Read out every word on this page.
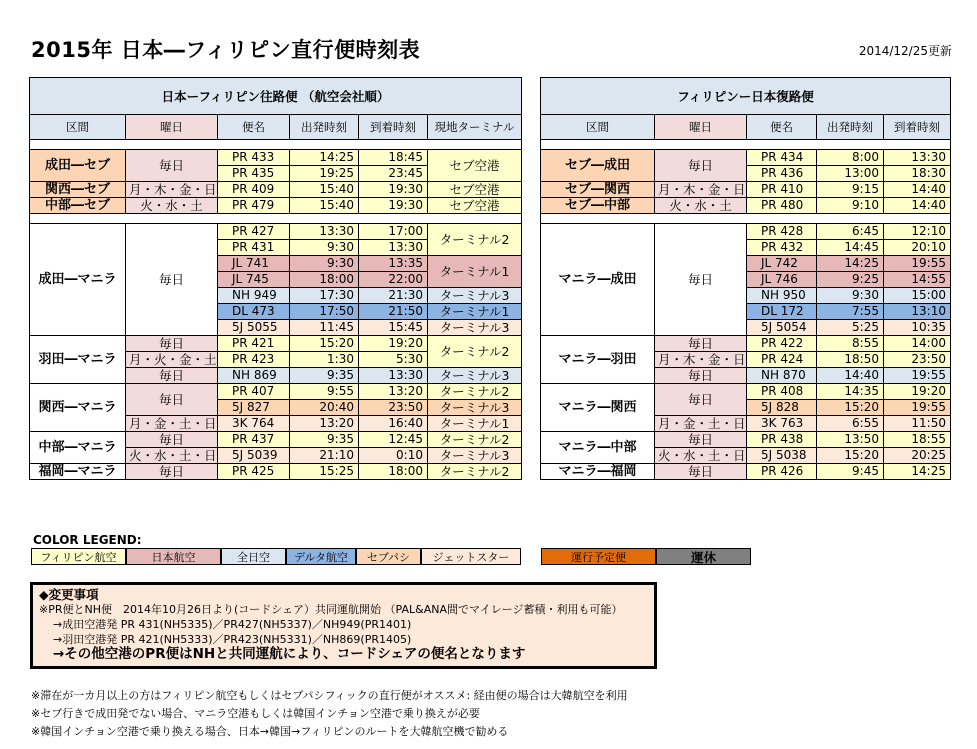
2015年 日本―フィリピン直行便時刻表	2014/12/25更新
日本ーフィリピン往路便 （航空会社順）					
区間	曜日	便名	出発時刻	到着時刻	現地ターミナル

成田―セブ	毎日	PR 433	14:25	18:45	セブ空港
		PR 435	19:25	23:45	
関西―セブ	月・木・金・日	PR 409	15:40	19:30	セブ空港
中部―セブ	火・水・土	PR 479	15:40	19:30	セブ空港

成田―マニラ	毎日	PR 427	13:30	17:00	ターミナル2
		PR 431	9:30	13:30	
		JL 741	9:30	13:35	ターミナル1
		JL 745	18:00	22:00	
		NH 949	17:30	21:30	ターミナル3
		DL 473	17:50	21:50	ターミナル1
		5J 5055	11:45	15:45	ターミナル3
羽田―マニラ	毎日	PR 421	15:20	19:20	ターミナル2
	月・火・金・土	PR 423	1:30	5:30	
	毎日	NH 869	9:35	13:30	ターミナル3
関西―マニラ	毎日	PR 407	9:55	13:20	ターミナル2
		5J 827	20:40	23:50	ターミナル3
	月・金・土・日	3K 764	13:20	16:40	ターミナル1
中部―マニラ	毎日	PR 437	9:35	12:45	ターミナル2
	火・水・土・日	5J 5039	21:10	0:10	ターミナル3
福岡―マニラ	毎日	PR 425	15:25	18:00	ターミナル2
フィリピンー日本復路便				
区間	曜日	便名	出発時刻	到着時刻

セブ―成田	毎日	PR 434	8:00	13:30
		PR 436	13:00	18:30
セブ―関西	月・木・金・日	PR 410	9:15	14:40
セブ―中部	火・水・土	PR 480	9:10	14:40

マニラ―成田	毎日	PR 428	6:45	12:10
		PR 432	14:45	20:10
		JL 742	14:25	19:55
		JL 746	9:25	14:55
		NH 950	9:30	15:00
		DL 172	7:55	13:10
		5J 5054	5:25	10:35
マニラ―羽田	毎日	PR 422	8:55	14:00
	月・木・金・日	PR 424	18:50	23:50
	毎日	NH 870	14:40	19:55
マニラ―関西	毎日	PR 408	14:35	19:20
		5J 828	15:20	19:55
	月・金・土・日	3K 763	6:55	11:50
マニラ―中部	毎日	PR 438	13:50	18:55
	火・水・土・日	5J 5038	15:20	20:25
マニラ―福岡	毎日	PR 426	9:45	14:25
COLOR LEGEND:
フィリピン航空	日本航空	全日空	デルタ航空	セブパシ	ジェットスター	運行予定便	運休
◆変更事項
※PR便とNH便　2014年10月26日より(コードシェア）共同運航開始 （PAL&ANA間でマイレージ蓄積・利用も可能）
→成田空港発 PR 431(NH5335)／PR427(NH5337)／NH949(PR1401)
→羽田空港発 PR 421(NH5333)／PR423(NH5331)／NH869(PR1405)
→その他空港のPR便はNHと共同運航により、コードシェアの便名となります
※滞在が一カ月以上の方はフィリピン航空もしくはセブパシフィックの直行便がオススメ: 経由便の場合は大韓航空を利用
※セブ行きで成田発でない場合、マニラ空港もしくは韓国インチョン空港で乗り換えが必要
※韓国インチョン空港で乗り換える場合、日本→韓国→フィリピンのルートを大韓航空機で勧める
